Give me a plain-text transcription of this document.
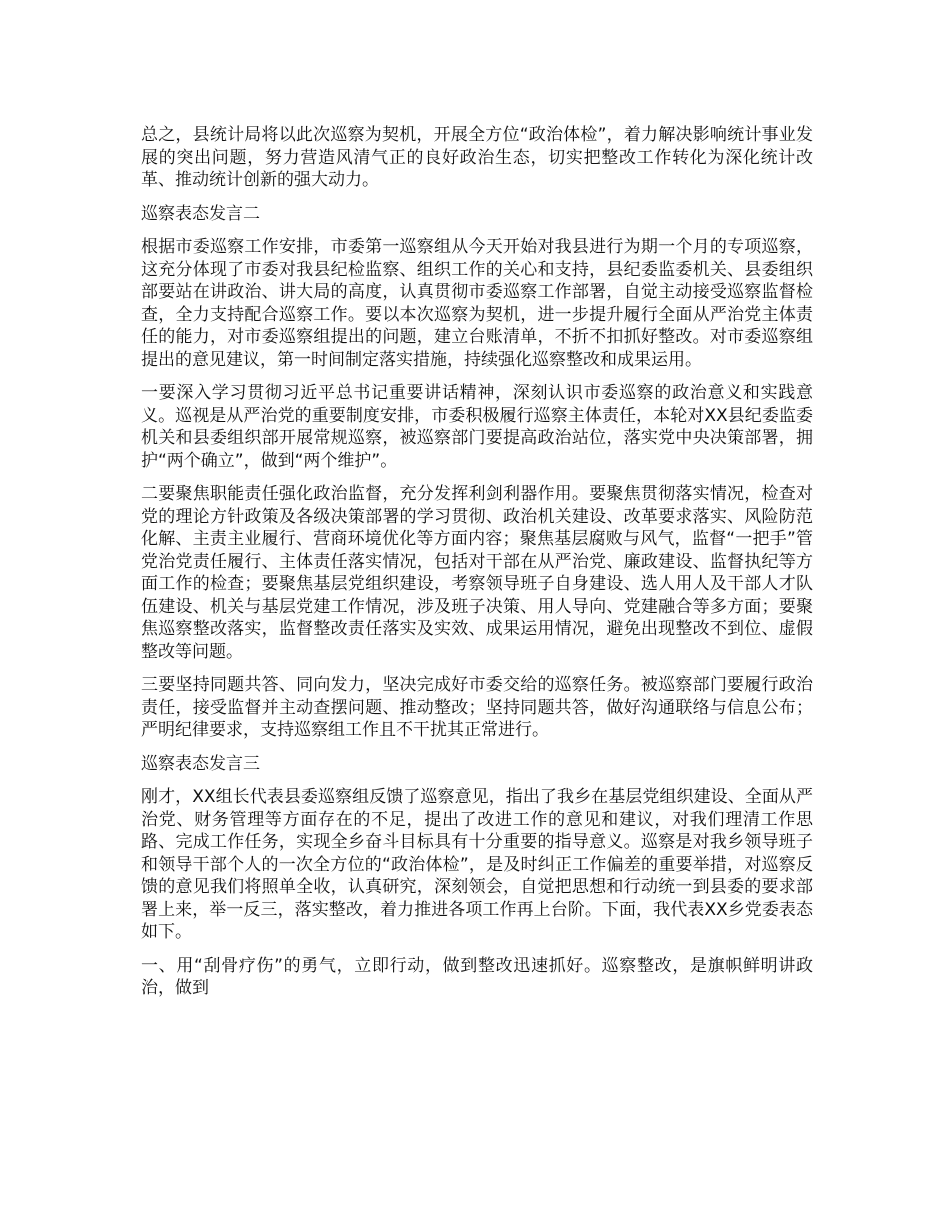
总之，县统计局将以此次巡察为契机，开展全方位“政治体检”，着力解决影响统计事业发展的突出问题，努力营造风清气正的良好政治生态，切实把整改工作转化为深化统计改革、推动统计创新的强大动力。

巡察表态发言二

根据市委巡察工作安排，市委第一巡察组从今天开始对我县进行为期一个月的专项巡察，这充分体现了市委对我县纪检监察、组织工作的关心和支持，县纪委监委机关、县委组织部要站在讲政治、讲大局的高度，认真贯彻市委巡察工作部署，自觉主动接受巡察监督检查，全力支持配合巡察工作。要以本次巡察为契机，进一步提升履行全面从严治党主体责任的能力，对市委巡察组提出的问题，建立台账清单，不折不扣抓好整改。对市委巡察组提出的意见建议，第一时间制定落实措施，持续强化巡察整改和成果运用。

一要深入学习贯彻习近平总书记重要讲话精神，深刻认识市委巡察的政治意义和实践意义。巡视是从严治党的重要制度安排，市委积极履行巡察主体责任，本轮对XX县纪委监委机关和县委组织部开展常规巡察，被巡察部门要提高政治站位，落实党中央决策部署，拥护“两个确立”，做到“两个维护”。

二要聚焦职能责任强化政治监督，充分发挥利剑利器作用。要聚焦贯彻落实情况，检查对党的理论方针政策及各级决策部署的学习贯彻、政治机关建设、改革要求落实、风险防范化解、主责主业履行、营商环境优化等方面内容；聚焦基层腐败与风气，监督“一把手”管党治党责任履行、主体责任落实情况，包括对干部在从严治党、廉政建设、监督执纪等方面工作的检查；要聚焦基层党组织建设，考察领导班子自身建设、选人用人及干部人才队伍建设、机关与基层党建工作情况，涉及班子决策、用人导向、党建融合等多方面；要聚焦巡察整改落实，监督整改责任落实及实效、成果运用情况，避免出现整改不到位、虚假整改等问题。

三要坚持同题共答、同向发力，坚决完成好市委交给的巡察任务。被巡察部门要履行政治责任，接受监督并主动查摆问题、推动整改；坚持同题共答，做好沟通联络与信息公布；严明纪律要求，支持巡察组工作且不干扰其正常进行。

巡察表态发言三

刚才，XX组长代表县委巡察组反馈了巡察意见，指出了我乡在基层党组织建设、全面从严治党、财务管理等方面存在的不足，提出了改进工作的意见和建议，对我们理清工作思路、完成工作任务，实现全乡奋斗目标具有十分重要的指导意义。巡察是对我乡领导班子和领导干部个人的一次全方位的“政治体检”，是及时纠正工作偏差的重要举措，对巡察反馈的意见我们将照单全收，认真研究，深刻领会，自觉把思想和行动统一到县委的要求部署上来，举一反三，落实整改，着力推进各项工作再上台阶。下面，我代表XX乡党委表态如下。

一、用“刮骨疗伤”的勇气，立即行动，做到整改迅速抓好。巡察整改，是旗帜鲜明讲政治，做到
